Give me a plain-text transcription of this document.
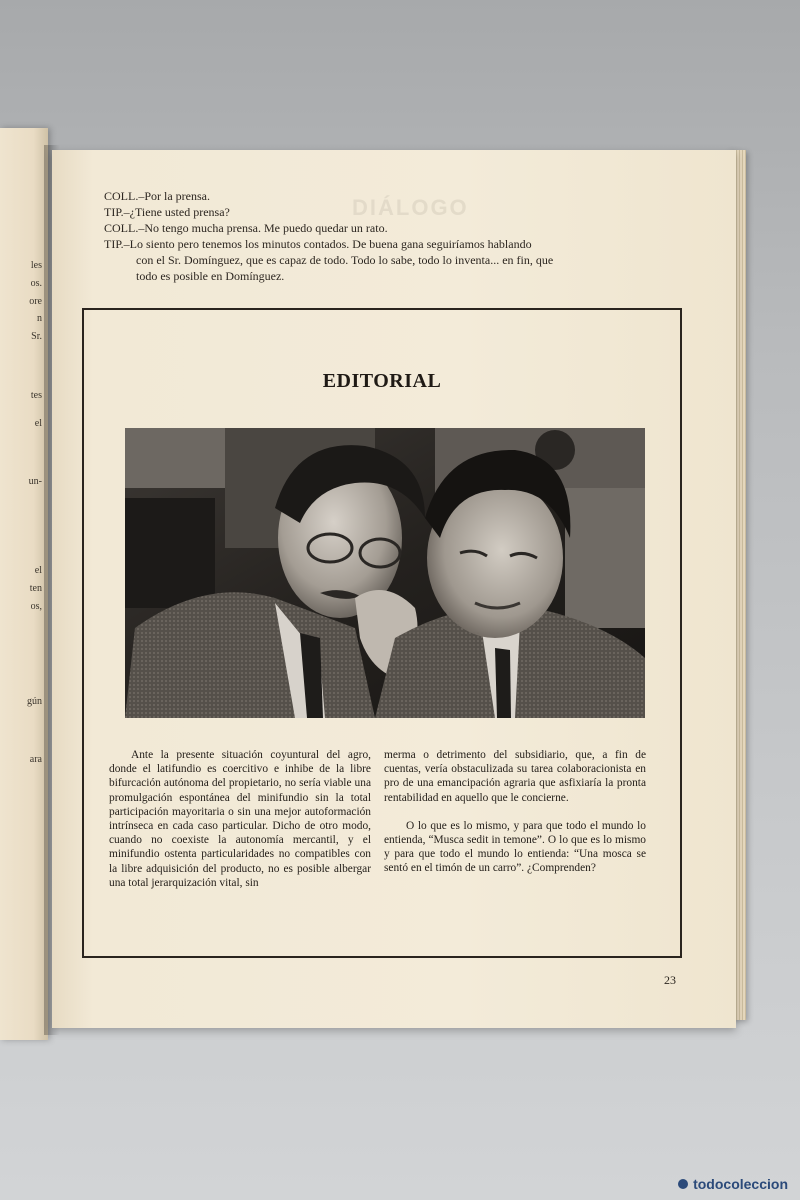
les
os.
ore
n
Sr.
tes
el
un-
el
ten
os,
gún
ara
DIÁLOGO

COLL.–Por la prensa.

TIP.–¿Tiene usted prensa?

COLL.–No tengo mucha prensa. Me puedo quedar un rato.

TIP.–Lo siento pero tenemos los minutos contados. De buena gana seguiríamos hablando

con el Sr. Domínguez, que es capaz de todo. Todo lo sabe, todo lo inventa... en fin, que

todo es posible en Domínguez.

EDITORIAL

Ante la presente situación coyuntural del agro, donde el latifundio es coercitivo e inhibe de la libre bifurcación autónoma del propietario, no sería viable una promulgación espontánea del minifundio sin la total participación mayoritaria o sin una mejor autoformación intrínseca en cada caso particular. Dicho de otro modo, cuando no coexiste la autonomía mercantil, y el minifundio ostenta particularidades no compatibles con la libre adquisición del producto, no es posible albergar una total jerarquización vital, sin

merma o detrimento del subsidiario, que, a fin de cuentas, vería obstaculizada su tarea colaboracionista en pro de una emancipación agraria que asfixiaría la pronta rentabilidad en aquello que le concierne.

O lo que es lo mismo, y para que todo el mundo lo entienda, “Musca sedit in temone”. O lo que es lo mismo y para que todo el mundo lo entienda: “Una mosca se sentó en el timón de un carro”. ¿Comprenden?

23
todocoleccion
